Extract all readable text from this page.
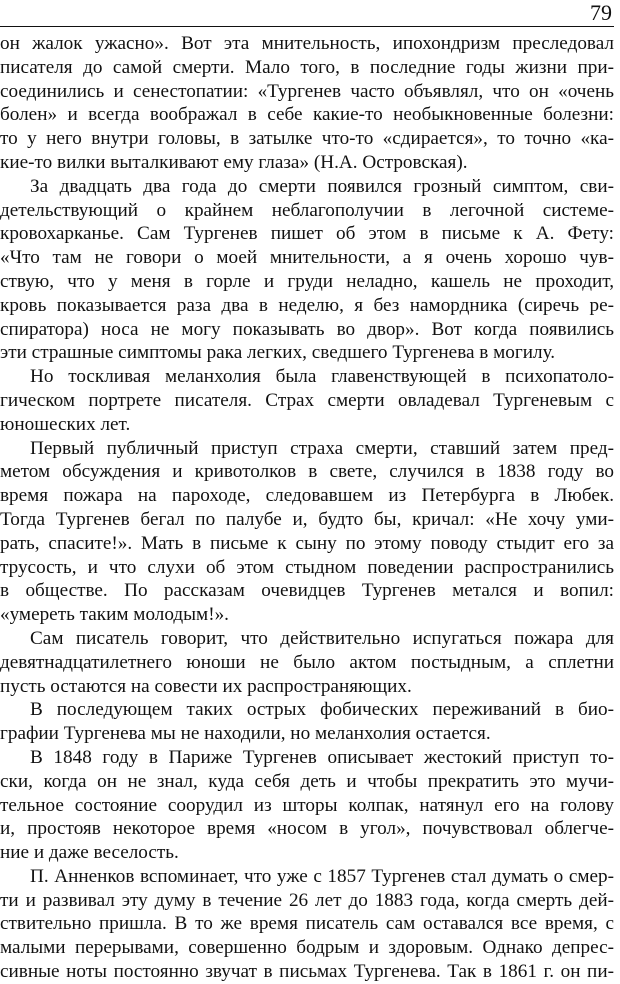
79
он жалок ужасно». Вот эта мнительность, ипохондризм преследовал
писателя до самой смерти. Мало того, в последние годы жизни при-
соединились и сенестопатии: «Тургенев часто объявлял, что он «очень
болен» и всегда воображал в себе какие-то необыкновенные болезни:
то у него внутри головы, в затылке что-то «сдирается», то точно «ка-
кие-то вилки выталкивают ему глаза» (Н.А. Островская).
За двадцать два года до смерти появился грозный симптом, сви-
детельствующий о крайнем неблагополучии в легочной системе-
кровохарканье. Сам Тургенев пишет об этом в письме к А. Фету:
«Что там не говори о моей мнительности, а я очень хорошо чув-
ствую, что у меня в горле и груди неладно, кашель не проходит,
кровь показывается раза два в неделю, я без намордника (сиречь ре-
спиратора) носа не могу показывать во двор». Вот когда появились
эти страшные симптомы рака легких, сведшего Тургенева в могилу.
Но тоскливая меланхолия была главенствующей в психопатоло-
гическом портрете писателя. Страх смерти овладевал Тургеневым с
юношеских лет.
Первый публичный приступ страха смерти, ставший затем пред-
метом обсуждения и кривотолков в свете, случился в 1838 году во
время пожара на пароходе, следовавшем из Петербурга в Любек.
Тогда Тургенев бегал по палубе и, будто бы, кричал: «Не хочу уми-
рать, спасите!». Мать в письме к сыну по этому поводу стыдит его за
трусость, и что слухи об этом стыдном поведении распространились
в обществе. По рассказам очевидцев Тургенев метался и вопил:
«умереть таким молодым!».
Сам писатель говорит, что действительно испугаться пожара для
девятнадцатилетнего юноши не было актом постыдным, а сплетни
пусть остаются на совести их распространяющих.
В последующем таких острых фобических переживаний в био-
графии Тургенева мы не находили, но меланхолия остается.
В 1848 году в Париже Тургенев описывает жестокий приступ то-
ски, когда он не знал, куда себя деть и чтобы прекратить это мучи-
тельное состояние соорудил из шторы колпак, натянул его на голову
и, простояв некоторое время «носом в угол», почувствовал облегче-
ние и даже веселость.
П. Анненков вспоминает, что уже с 1857 Тургенев стал думать о смер-
ти и развивал эту думу в течение 26 лет до 1883 года, когда смерть дей-
ствительно пришла. В то же время писатель сам оставался все время, с
малыми перерывами, совершенно бодрым и здоровым. Однако депрес-
сивные ноты постоянно звучат в письмах Тургенева. Так в 1861 г. он пи-
